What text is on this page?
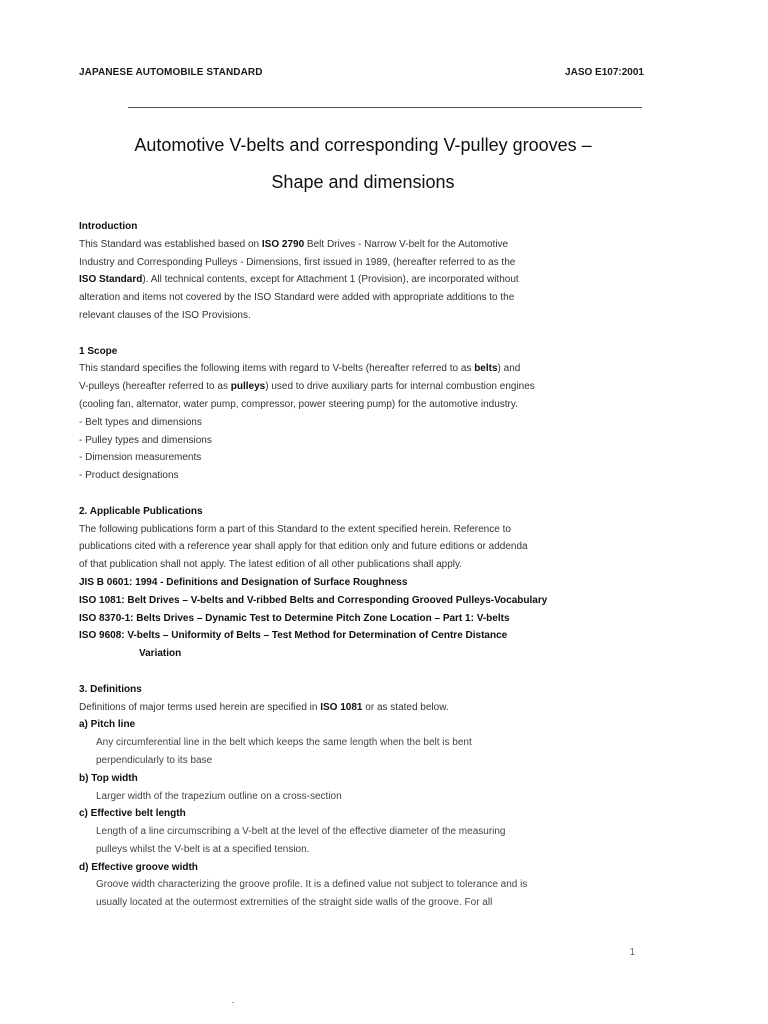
JAPANESE AUTOMOBILE STANDARD	JASO E107:2001
Automotive V-belts and corresponding V-pulley grooves –
Shape and dimensions
Introduction
This Standard was established based on ISO 2790 Belt Drives - Narrow V-belt for the Automotive
Industry and Corresponding Pulleys - Dimensions, first issued in 1989, (hereafter referred to as the
ISO Standard). All technical contents, except for Attachment 1 (Provision), are incorporated without
alteration and items not covered by the ISO Standard were added with appropriate additions to the
relevant clauses of the ISO Provisions.
1 Scope
This standard specifies the following items with regard to V-belts (hereafter referred to as belts) and
V-pulleys (hereafter referred to as pulleys) used to drive auxiliary parts for internal combustion engines
(cooling fan, alternator, water pump, compressor, power steering pump) for the automotive industry.
- Belt types and dimensions
- Pulley types and dimensions
- Dimension measurements
- Product designations
2. Applicable Publications
The following publications form a part of this Standard to the extent specified herein. Reference to
publications cited with a reference year shall apply for that edition only and future editions or addenda
of that publication shall not apply. The latest edition of all other publications shall apply.
JIS B 0601: 1994 - Definitions and Designation of Surface Roughness
ISO 1081: Belt Drives – V-belts and V-ribbed Belts and Corresponding Grooved Pulleys-Vocabulary
ISO 8370-1: Belts Drives – Dynamic Test to Determine Pitch Zone Location – Part 1: V-belts
ISO 9608: V-belts – Uniformity of Belts – Test Method for Determination of Centre Distance
Variation
3. Definitions
Definitions of major terms used herein are specified in ISO 1081 or as stated below.
a) Pitch line
Any circumferential line in the belt which keeps the same length when the belt is bent
perpendicularly to its base
b) Top width
Larger width of the trapezium outline on a cross-section
c) Effective belt length
Length of a line circumscribing a V-belt at the level of the effective diameter of the measuring
pulleys whilst the V-belt is at a specified tension.
d) Effective groove width
Groove width characterizing the groove profile. It is a defined value not subject to tolerance and is
usually located at the outermost extremities of the straight side walls of the groove. For all
1
